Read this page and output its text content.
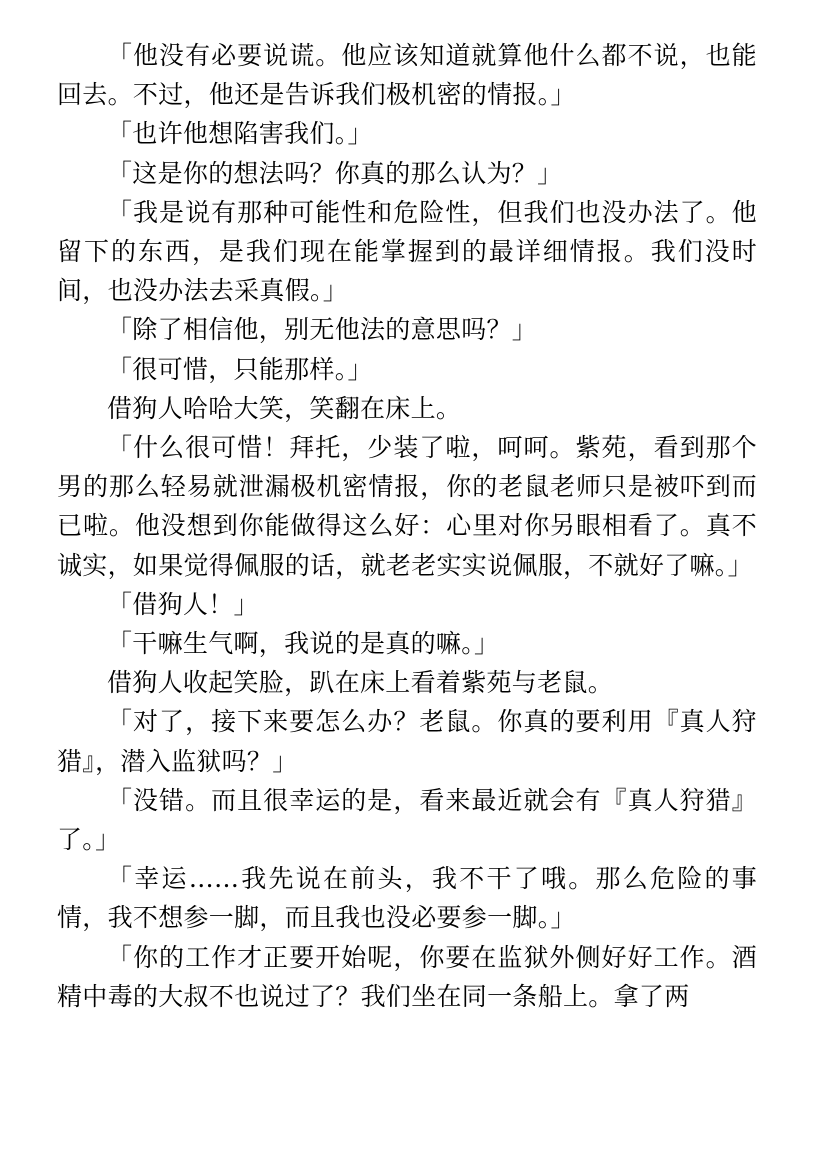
「他没有必要说谎。他应该知道就算他什么都不说，也能回去。不过，他还是告诉我们极机密的情报。」

「也许他想陷害我们。」

「这是你的想法吗？你真的那么认为？」

「我是说有那种可能性和危险性，但我们也没办法了。他留下的东西，是我们现在能掌握到的最详细情报。我们没时间，也没办法去采真假。」

「除了相信他，别无他法的意思吗？」

「很可惜，只能那样。」

借狗人哈哈大笑，笑翻在床上。

「什么很可惜！拜托，少装了啦，呵呵。紫苑，看到那个男的那么轻易就泄漏极机密情报，你的老鼠老师只是被吓到而已啦。他没想到你能做得这么好：心里对你另眼相看了。真不诚实，如果觉得佩服的话，就老老实实说佩服，不就好了嘛。」

「借狗人！」

「干嘛生气啊，我说的是真的嘛。」

借狗人收起笑脸，趴在床上看着紫苑与老鼠。

「对了，接下来要怎么办？老鼠。你真的要利用『真人狩猎』，潜入监狱吗？」

「没错。而且很幸运的是，看来最近就会有『真人狩猎』了。」

「幸运……我先说在前头，我不干了哦。那么危险的事情，我不想参一脚，而且我也没必要参一脚。」

「你的工作才正要开始呢，你要在监狱外侧好好工作。酒精中毒的大叔不也说过了？我们坐在同一条船上。拿了两
